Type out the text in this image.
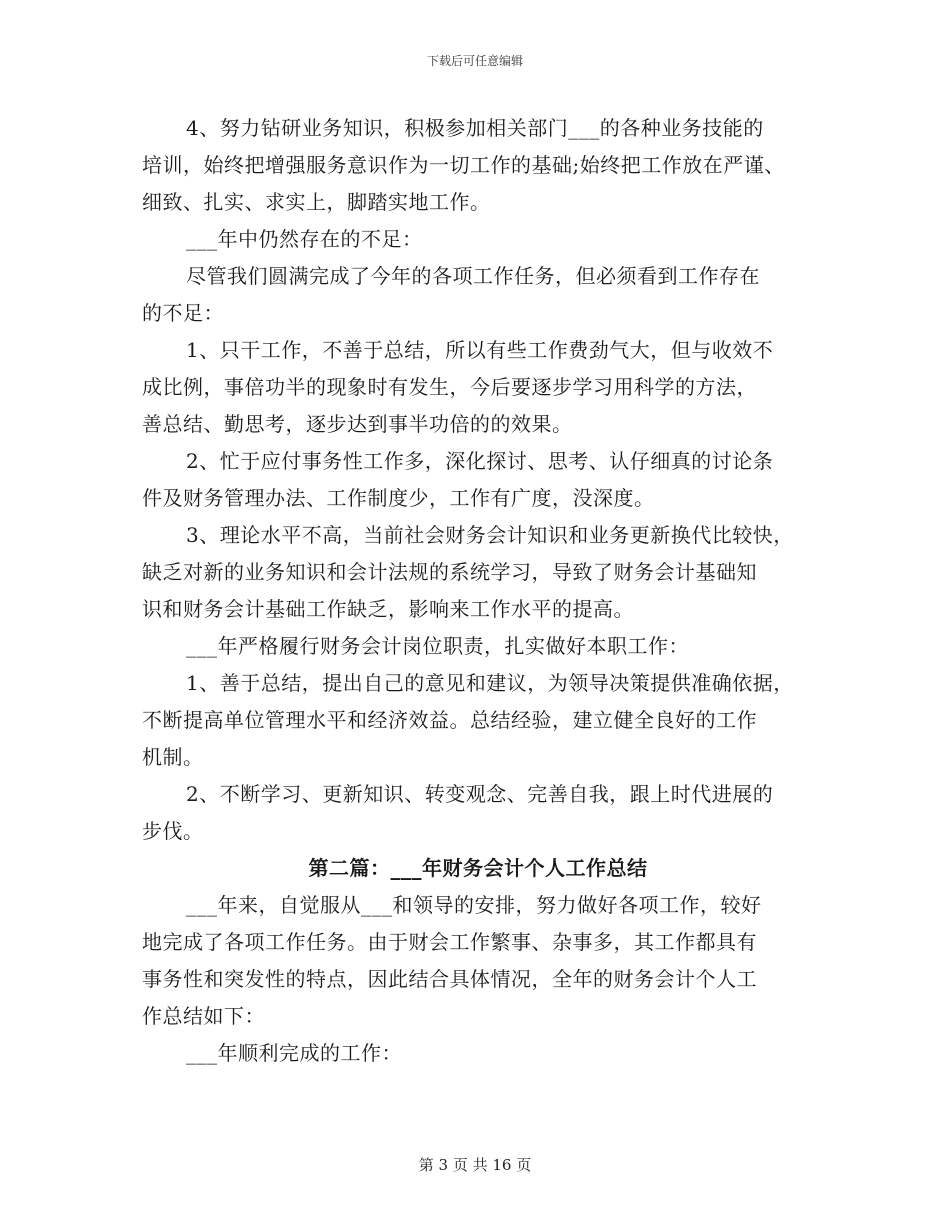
下载后可任意编辑
4、努力钻研业务知识，积极参加相关部门___的各种业务技能的
培训，始终把增强服务意识作为一切工作的基础;始终把工作放在严谨、
细致、扎实、求实上，脚踏实地工作。
___年中仍然存在的不足：
尽管我们圆满完成了今年的各项工作任务，但必须看到工作存在
的不足：
1、只干工作，不善于总结，所以有些工作费劲气大，但与收效不
成比例，事倍功半的现象时有发生，今后要逐步学习用科学的方法，
善总结、勤思考，逐步达到事半功倍的的效果。
2、忙于应付事务性工作多，深化探讨、思考、认仔细真的讨论条
件及财务管理办法、工作制度少，工作有广度，没深度。
3、理论水平不高，当前社会财务会计知识和业务更新换代比较快，
缺乏对新的业务知识和会计法规的系统学习，导致了财务会计基础知
识和财务会计基础工作缺乏，影响来工作水平的提高。
___年严格履行财务会计岗位职责，扎实做好本职工作：
1、善于总结，提出自己的意见和建议，为领导决策提供准确依据，
不断提高单位管理水平和经济效益。总结经验，建立健全良好的工作
机制。
2、不断学习、更新知识、转变观念、完善自我，跟上时代进展的
步伐。
第二篇：___年财务会计个人工作总结
___年来，自觉服从___和领导的安排，努力做好各项工作，较好
地完成了各项工作任务。由于财会工作繁事、杂事多，其工作都具有
事务性和突发性的特点，因此结合具体情况，全年的财务会计个人工
作总结如下：
___年顺利完成的工作：
第 3 页 共 16 页
